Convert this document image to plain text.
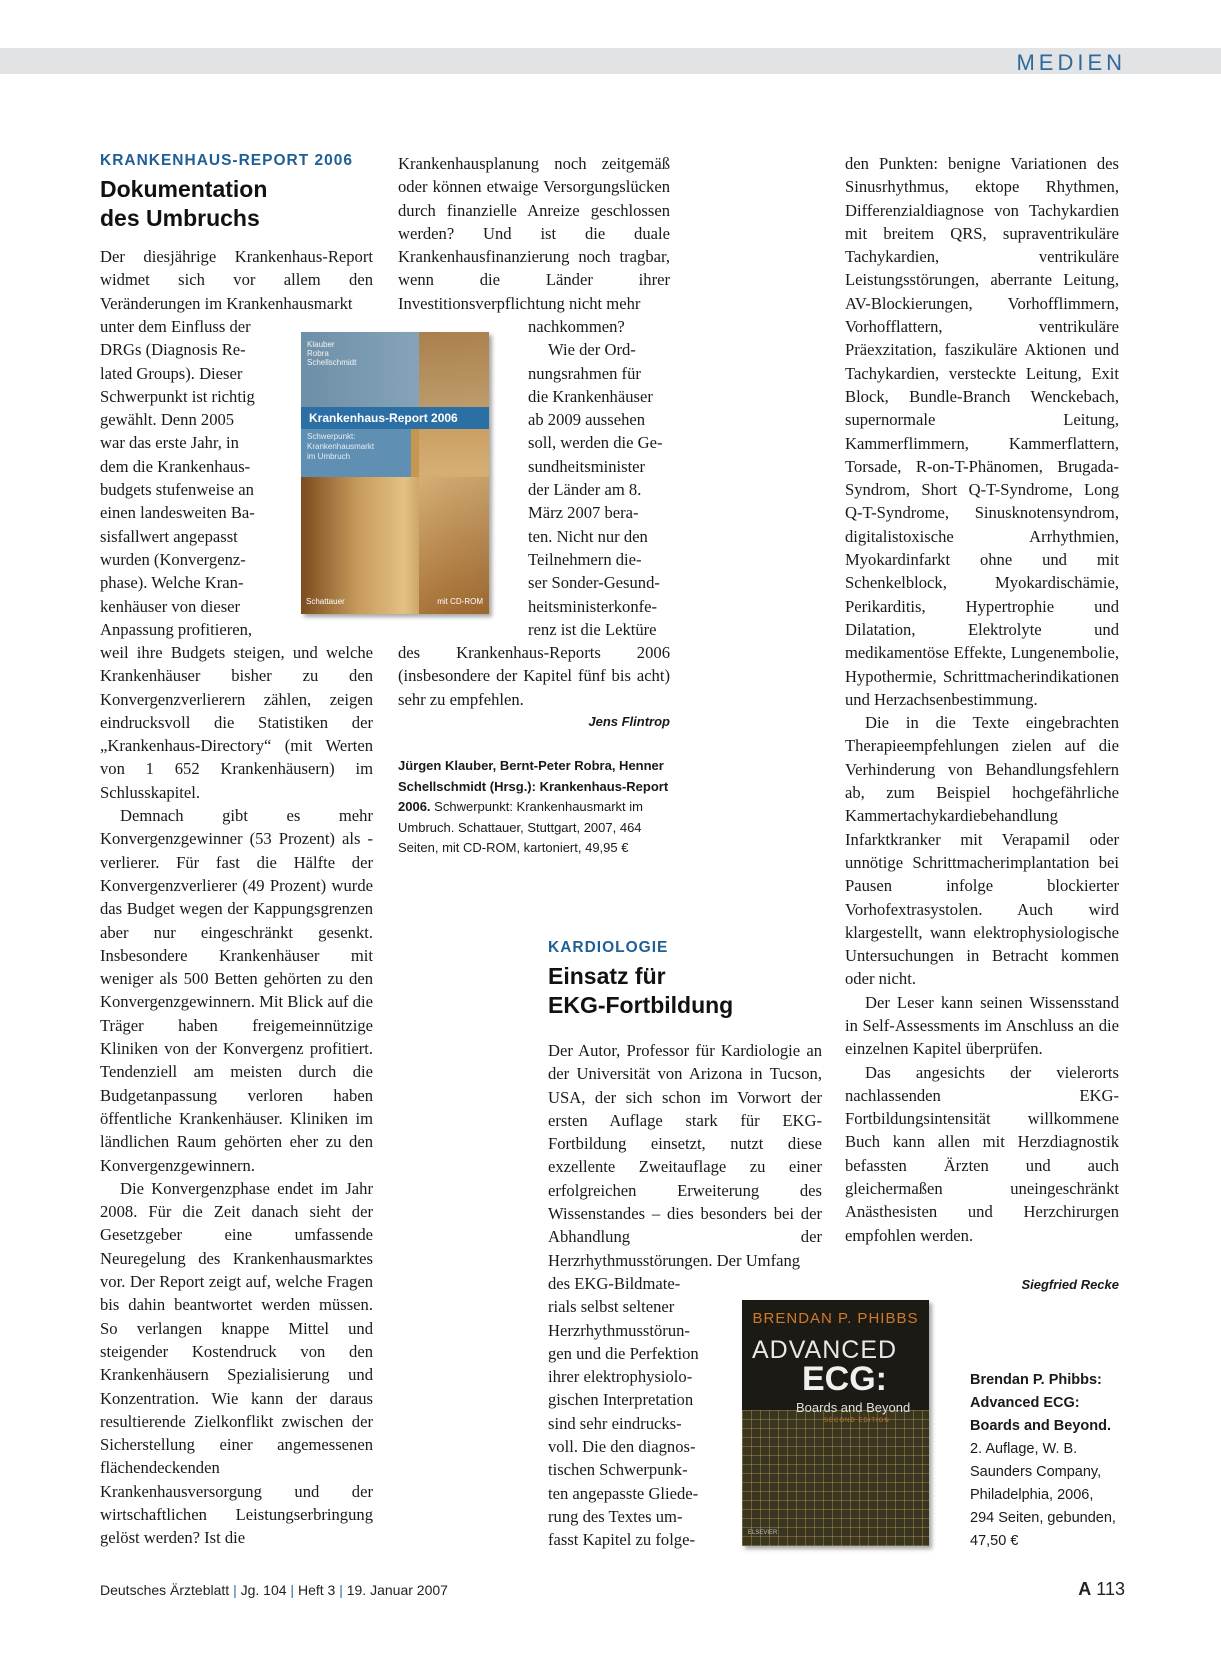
MEDIEN
KRANKENHAUS-REPORT 2006
Dokumentation
des Umbruchs

Der diesjährige Krankenhaus-Report widmet sich vor allem den Veränderungen im Krankenhausmarkt

unter dem Einfluss der
DRGs (Diagnosis Re-
lated Groups). Dieser
Schwerpunkt ist richtig
gewählt. Denn 2005
war das erste Jahr, in
dem die Krankenhaus-
budgets stufenweise an
einen landesweiten Ba-
sisfallwert angepasst
wurden (Konvergenz-
phase). Welche Kran-
kenhäuser von dieser
Anpassung profitieren,

weil ihre Budgets steigen, und welche Krankenhäuser bisher zu den Konvergenzverlierern zählen, zeigen eindrucksvoll die Statistiken der „Krankenhaus-Directory“ (mit Werten von 1 652 Krankenhäusern) im Schlusskapitel.

Demnach gibt es mehr Konvergenzgewinner (53 Prozent) als -verlierer. Für fast die Hälfte der Konvergenzverlierer (49 Prozent) wurde das Budget wegen der Kappungsgrenzen aber nur eingeschränkt gesenkt. Insbesondere Krankenhäuser mit weniger als 500 Betten gehörten zu den Konvergenzgewinnern. Mit Blick auf die Träger haben freigemeinnützige Kliniken von der Konvergenz profitiert. Tendenziell am meisten durch die Budgetanpassung verloren haben öffentliche Krankenhäuser. Kliniken im ländlichen Raum gehörten eher zu den Konvergenzgewinnern.

Die Konvergenzphase endet im Jahr 2008. Für die Zeit danach sieht der Gesetzgeber eine umfassende Neuregelung des Krankenhausmarktes vor. Der Report zeigt auf, welche Fragen bis dahin beantwortet werden müssen. So verlangen knappe Mittel und steigender Kostendruck von den Krankenhäusern Spezialisierung und Konzentration. Wie kann der daraus resultierende Zielkonflikt zwischen der Sicherstellung einer angemessenen flächendeckenden Krankenhausversorgung und der wirtschaftlichen Leistungserbringung gelöst werden? Ist die

Krankenhausplanung noch zeitgemäß oder können etwaige Versorgungslücken durch finanzielle Anreize geschlossen werden? Und ist die duale Krankenhausfinanzierung noch tragbar, wenn die Länder ihrer Investitionsverpflichtung nicht mehr

nachkommen?
Wie der Ord-
nungsrahmen für
die Krankenhäuser
ab 2009 aussehen
soll, werden die Ge-
sundheitsminister
der Länder am 8.
März 2007 bera-
ten. Nicht nur den
Teilnehmern die-
ser Sonder-Gesund-
heitsministerkonfe-
renz ist die Lektüre

des Krankenhaus-Reports 2006 (insbesondere der Kapitel fünf bis acht) sehr zu empfehlen.

Jens Flintrop
Jürgen Klauber, Bernt-Peter Robra, Henner Schellschmidt (Hrsg.): Krankenhaus-Report 2006. Schwerpunkt: Krankenhausmarkt im Umbruch. Schattauer, Stuttgart, 2007, 464 Seiten, mit CD-ROM, kartoniert, 49,95 €
Klauber
Robra
Schellschmidt
Krankenhaus-Report 2006
Schwerpunkt:
Krankenhausmarkt
im Umbruch
Schattauer	mit CD-ROM
KARDIOLOGIE
Einsatz für
EKG-Fortbildung

Der Autor, Professor für Kardiologie an der Universität von Arizona in Tucson, USA, der sich schon im Vorwort der ersten Auflage stark für EKG-Fortbildung einsetzt, nutzt diese exzellente Zweitauflage zu einer erfolgreichen Erweiterung des Wissenstandes – dies besonders bei der Abhandlung der Herzrhythmusstörungen. Der Umfang

des EKG-Bildmate-
rials selbst seltener
Herzrhythmusstörun-
gen und die Perfektion
ihrer elektrophysiolo-
gischen Interpretation
sind sehr eindrucks-
voll. Die den diagnos-
tischen Schwerpunk-
ten angepasste Gliede-
rung des Textes um-
fasst Kapitel zu folge-
BRENDAN P. PHIBBS
ADVANCED
ECG:
Boards and Beyond
SECOND EDITION
ELSEVIER

den Punkten: benigne Variationen des Sinusrhythmus, ektope Rhythmen, Differenzialdiagnose von Tachykardien mit breitem QRS, supraventrikuläre Tachykardien, ventrikuläre Leistungsstörungen, aberrante Leitung, AV-Blockierungen, Vorhofflimmern, Vorhofflattern, ventrikuläre Präexzitation, faszikuläre Aktionen und Tachykardien, versteckte Leitung, Exit Block, Bundle-Branch Wenckebach, supernormale Leitung, Kammerflimmern, Kammerflattern, Torsade, R-on-T-Phänomen, Brugada-Syndrom, Short Q-T-Syndrome, Long Q-T-Syndrome, Sinusknotensyndrom, digitalistoxische Arrhythmien, Myokardinfarkt ohne und mit Schenkelblock, Myokardischämie, Perikarditis, Hypertrophie und Dilatation, Elektrolyte und medikamentöse Effekte, Lungenembolie, Hypothermie, Schrittmacherindikationen und Herzachsenbestimmung.

Die in die Texte eingebrachten Therapieempfehlungen zielen auf die Verhinderung von Behandlungsfehlern ab, zum Beispiel hochgefährliche Kammertachykardiebehandlung Infarktkranker mit Verapamil oder unnötige Schrittmacherimplantation bei Pausen infolge blockierter Vorhofextrasystolen. Auch wird klargestellt, wann elektrophysiologische Untersuchungen in Betracht kommen oder nicht.

Der Leser kann seinen Wissensstand in Self-Assessments im Anschluss an die einzelnen Kapitel überprüfen.

Das angesichts der vielerorts nachlassenden EKG-Fortbildungsintensität willkommene Buch kann allen mit Herzdiagnostik befassten Ärzten und auch gleichermaßen uneingeschränkt Anästhesisten und Herzchirurgen empfohlen werden.

Siegfried Recke
Brendan P. Phibbs:
Advanced ECG:
Boards and Beyond.
2. Auflage, W. B.
Saunders Company,
Philadelphia, 2006,
294 Seiten, gebunden,
47,50 €
Deutsches Ärzteblatt | Jg. 104 | Heft 3 | 19. Januar 2007	A 113
